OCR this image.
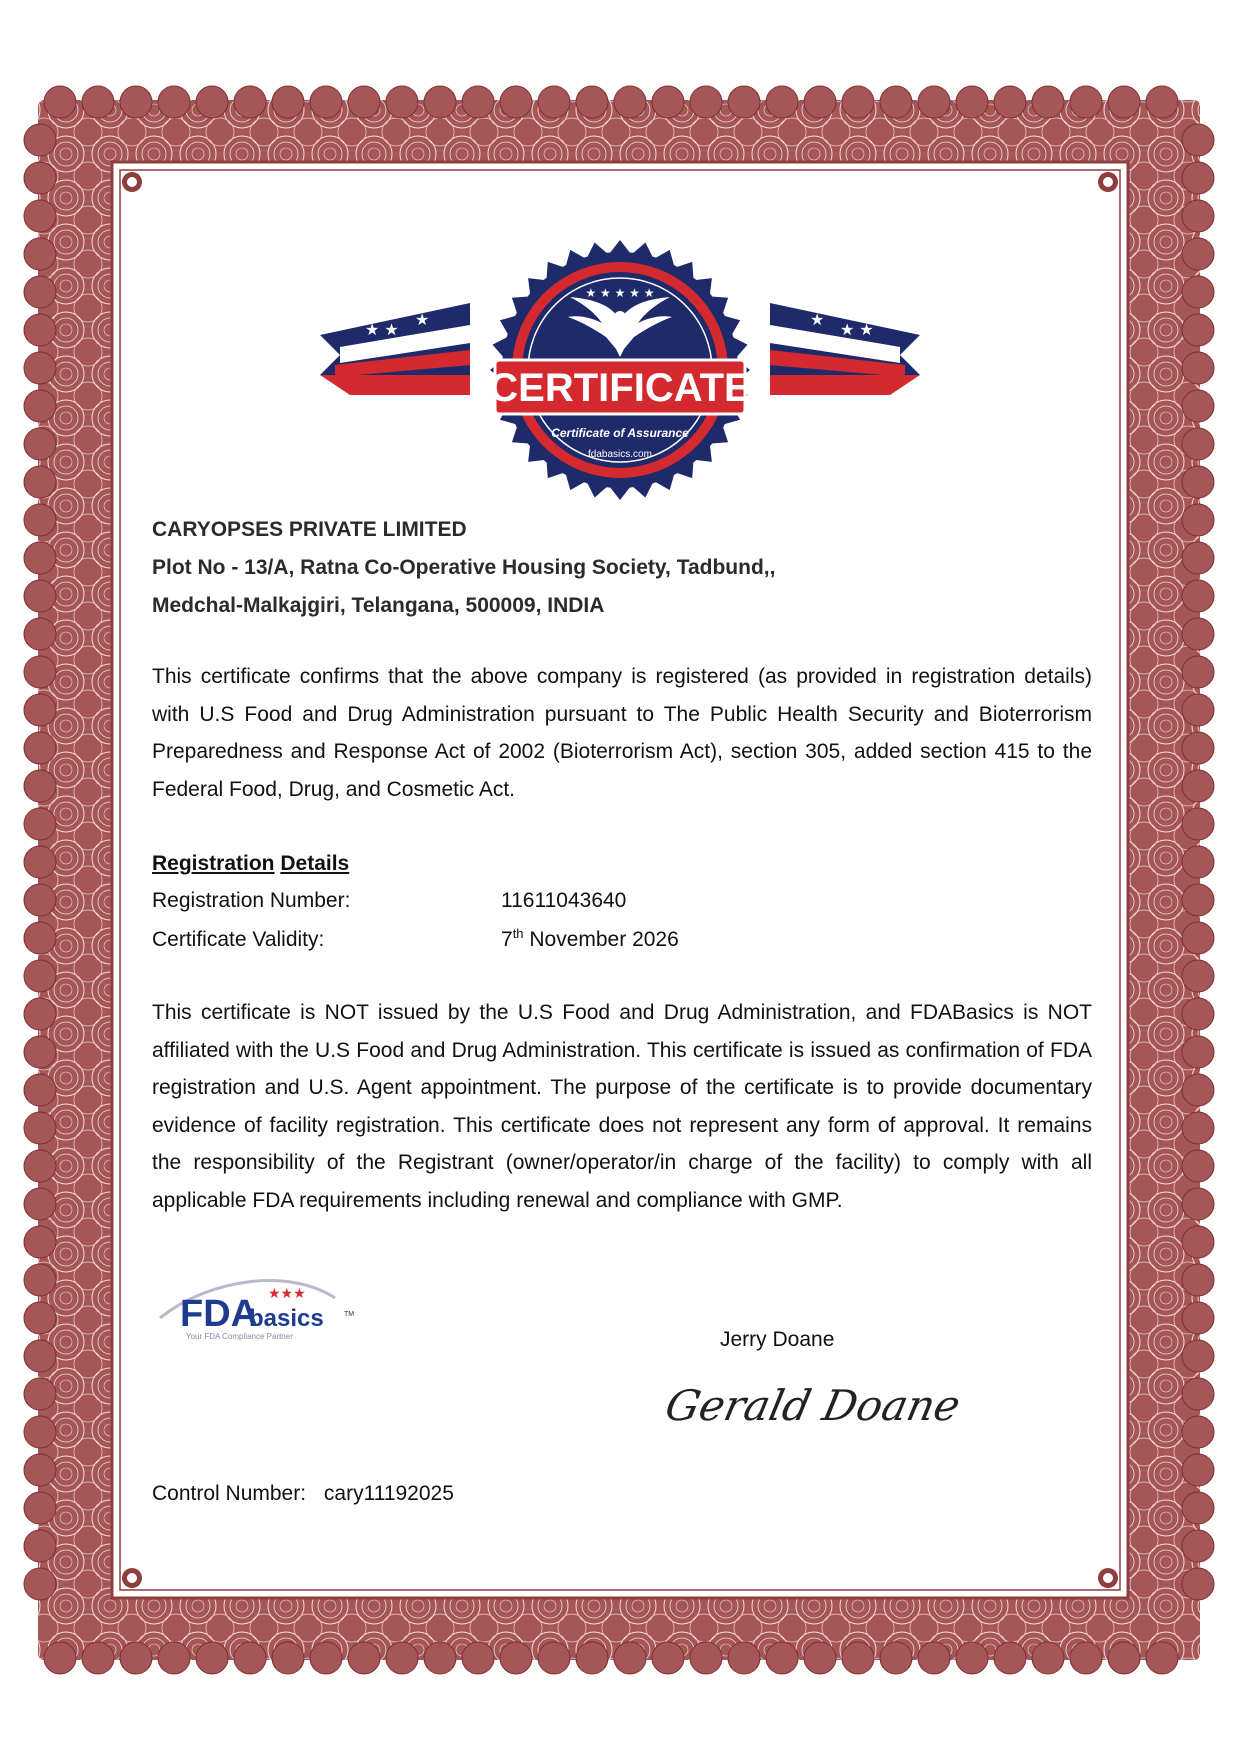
★ ★
★	★
★ ★
★ ★ ★ ★ ★
CERTIFICATE
Certificate of Assurance
fdabasics.com
CARYOPSES PRIVATE LIMITED
Plot No - 13/A, Ratna Co-Operative Housing Society, Tadbund,,
Medchal-Malkajgiri, Telangana, 500009, INDIA
This certificate confirms that the above company is registered (as provided in registration details) with U.S Food and Drug Administration pursuant to The Public Health Security and Bioterrorism Preparedness and Response Act of 2002 (Bioterrorism Act), section 305, added section 415 to the Federal Food, Drug, and Cosmetic Act.
Registration Details
Registration Number:	11611043640
Certificate Validity:	7th November 2026
This certificate is NOT issued by the U.S Food and Drug Administration, and FDABasics is NOT affiliated with the U.S Food and Drug Administration. This certificate is issued as confirmation of FDA registration and U.S. Agent appointment. The purpose of the certificate is to provide documentary evidence of facility registration. This certificate does not represent any form of approval. It remains the responsibility of the Registrant (owner/operator/in charge of the facility) to comply with all applicable FDA requirements including renewal and compliance with GMP.
★★★
FDA
basics	TM
Your FDA Compliance Partner	Jerry Doane
Gerald Doane
Control Number: cary11192025
